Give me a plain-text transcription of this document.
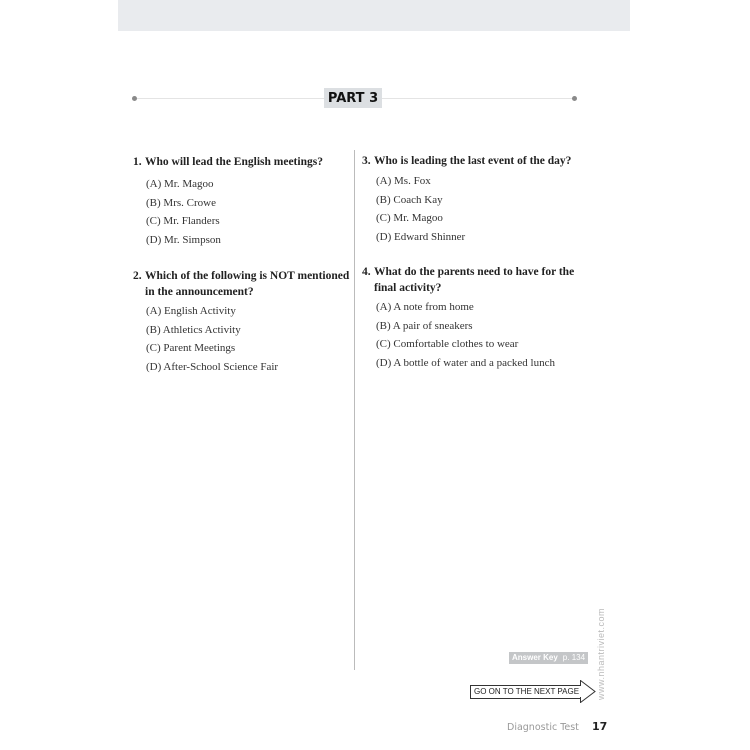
PART 3
1. Who will lead the English meetings?
(A) Mr. Magoo
(B) Mrs. Crowe
(C) Mr. Flanders
(D) Mr. Simpson
2. Which of the following is NOT mentioned in the announcement?
(A) English Activity
(B) Athletics Activity
(C) Parent Meetings
(D) After-School Science Fair
3. Who is leading the last event of the day?
(A) Ms. Fox
(B) Coach Kay
(C) Mr. Magoo
(D) Edward Shinner
4. What do the parents need to have for the final activity?
(A) A note from home
(B) A pair of sneakers
(C) Comfortable clothes to wear
(D) A bottle of water and a packed lunch
Answer Key p. 134
GO ON TO THE NEXT PAGE www.nhantriviet.com
Diagnostic Test 17
